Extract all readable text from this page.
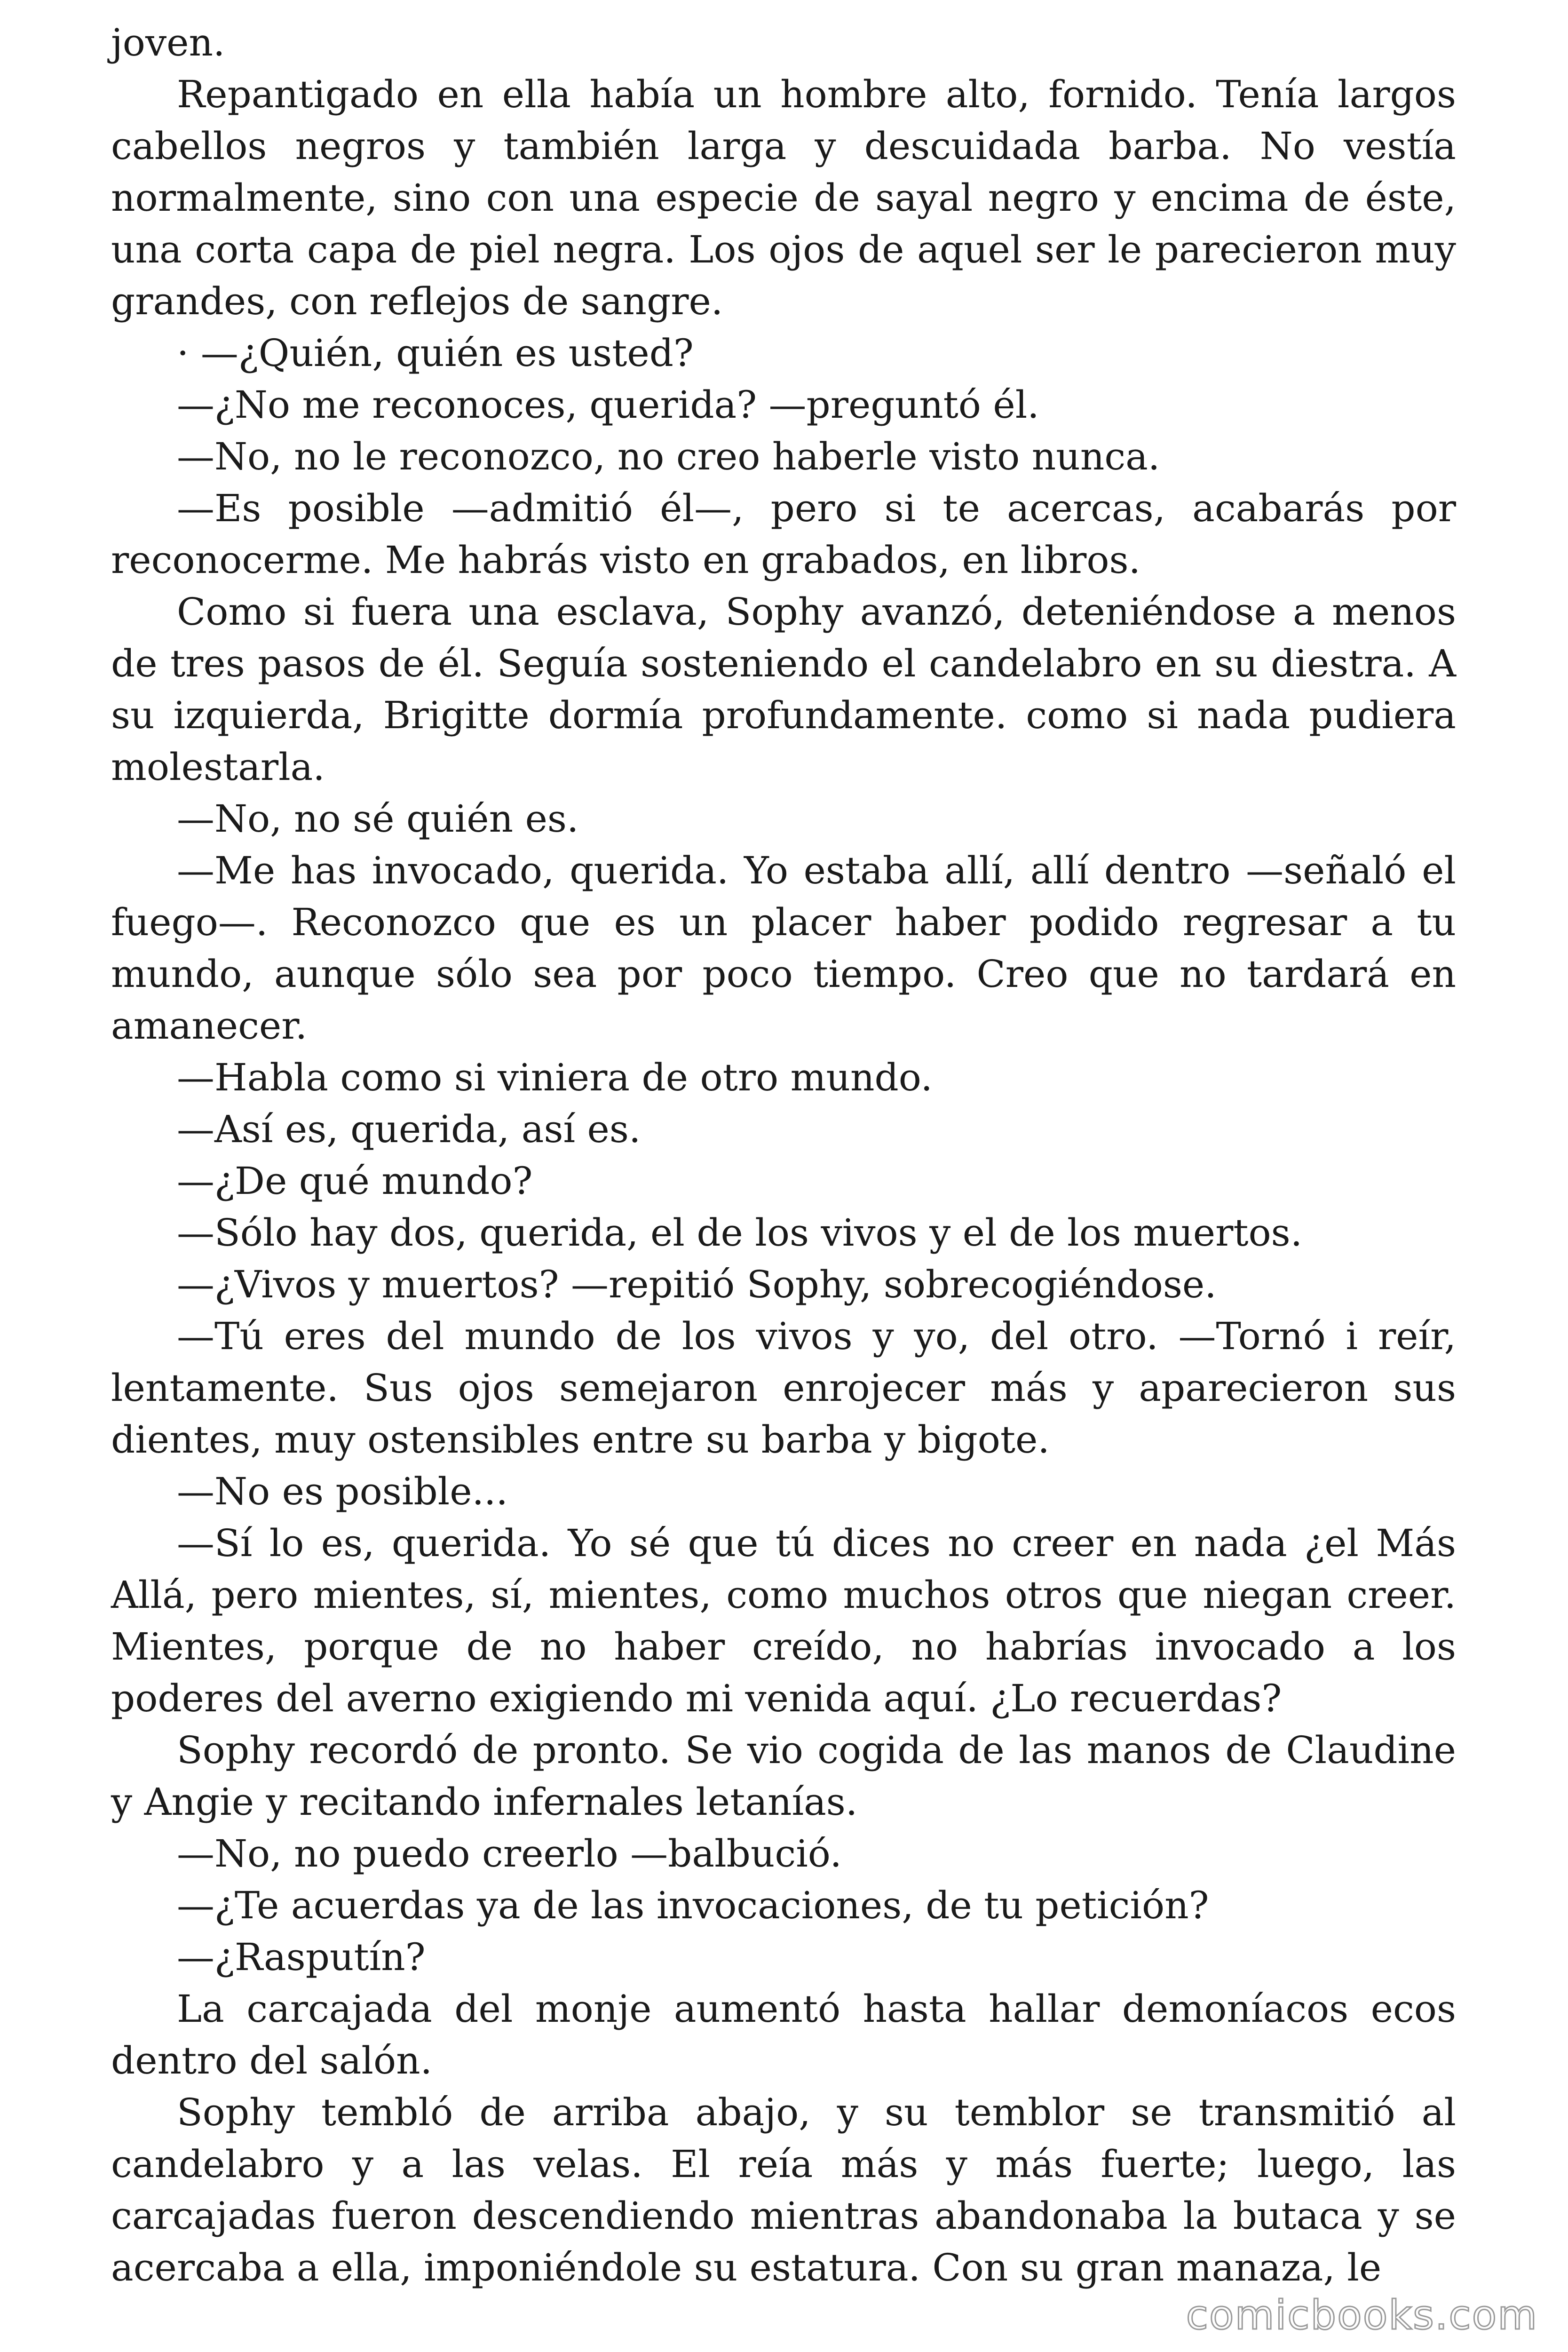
joven.

Repantigado en ella había un hombre alto, fornido. Tenía largos cabellos negros y también larga y descuidada barba. No vestía normalmente, sino con una especie de sayal negro y encima de éste, una corta capa de piel negra. Los ojos de aquel ser le parecieron muy grandes, con reflejos de sangre.

· —¿Quién, quién es usted?

—¿No me reconoces, querida? —preguntó él.

—No, no le reconozco, no creo haberle visto nunca.

—Es posible —admitió él—, pero si te acercas, acabarás por reconocerme. Me habrás visto en grabados, en libros.

Como si fuera una esclava, Sophy avanzó, deteniéndose a menos de tres pasos de él. Seguía sosteniendo el candelabro en su diestra. A su izquierda, Brigitte dormía profundamente. como si nada pudiera molestarla.

—No, no sé quién es.

—Me has invocado, querida. Yo estaba allí, allí dentro —señaló el fuego—. Reconozco que es un placer haber podido regresar a tu mundo, aunque sólo sea por poco tiempo. Creo que no tardará en amanecer.

—Habla como si viniera de otro mundo.

—Así es, querida, así es.

—¿De qué mundo?

—Sólo hay dos, querida, el de los vivos y el de los muertos.

—¿Vivos y muertos? —repitió Sophy, sobrecogiéndose.

—Tú eres del mundo de los vivos y yo, del otro. —Tornó i reír, lentamente. Sus ojos semejaron enrojecer más y aparecieron sus dientes, muy ostensibles entre su barba y bigote.

—No es posible...

—Sí lo es, querida. Yo sé que tú dices no creer en nada ¿el Más Allá, pero mientes, sí, mientes, como muchos otros que niegan creer. Mientes, porque de no haber creído, no habrías invocado a los poderes del averno exigiendo mi venida aquí. ¿Lo recuerdas?

Sophy recordó de pronto. Se vio cogida de las manos de Claudine y Angie y recitando infernales letanías.

—No, no puedo creerlo —balbució.

—¿Te acuerdas ya de las invocaciones, de tu petición?

—¿Rasputín?

La carcajada del monje aumentó hasta hallar demoníacos ecos dentro del salón.

Sophy tembló de arriba abajo, y su temblor se transmitió al candelabro y a las velas. El reía más y más fuerte; luego, las carcajadas fueron descendiendo mientras abandonaba la butaca y se acercaba a ella, imponiéndole su estatura. Con su gran manaza, le

comicbooks.com
